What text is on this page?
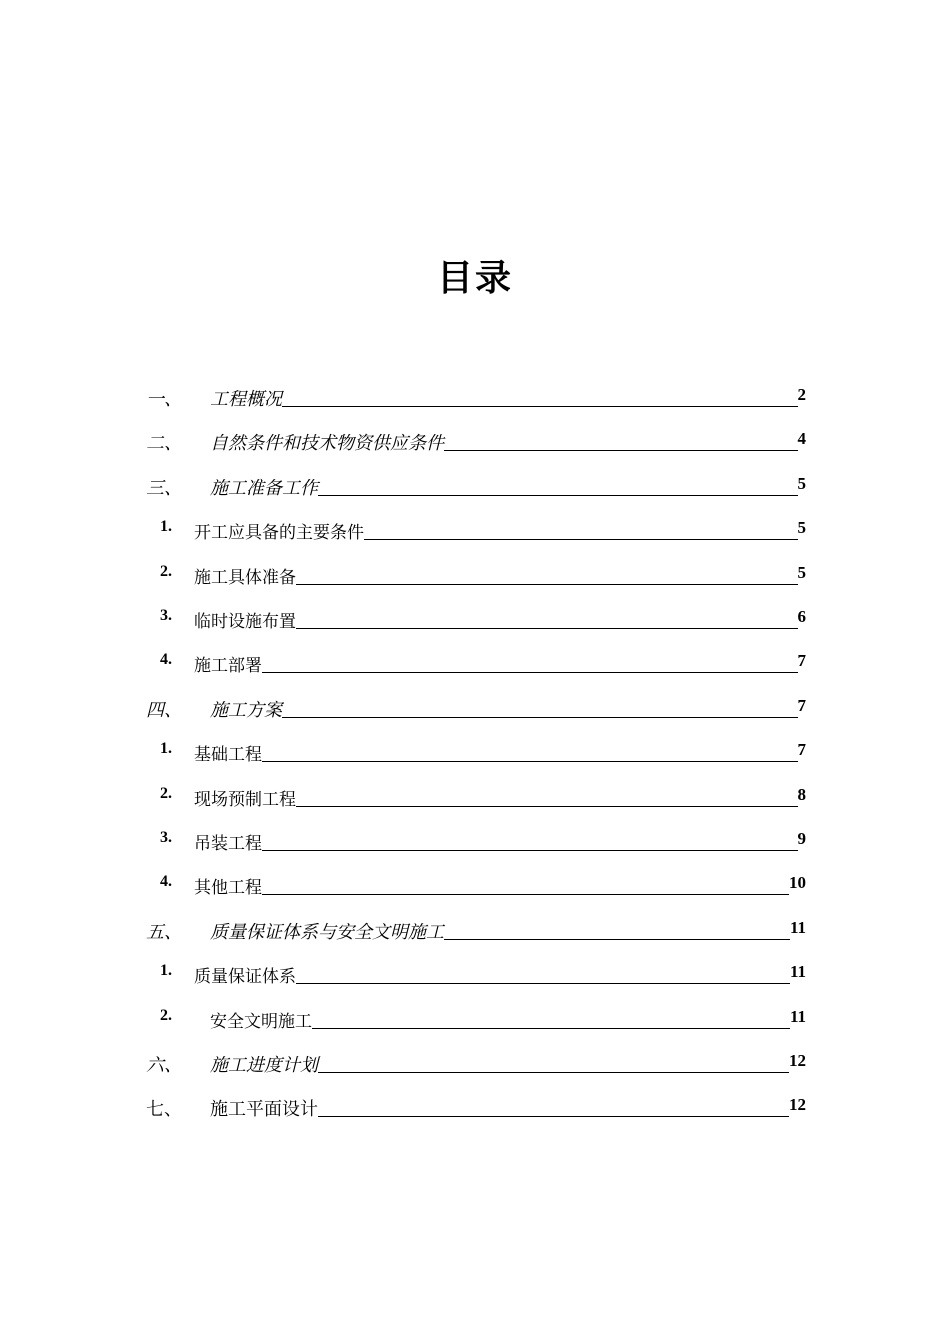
目录
一、 工程概况	2
二、 自然条件和技术物资供应条件	4
三、 施工准备工作	5
1. 开工应具备的主要条件	5
2. 施工具体准备	5
3. 临时设施布置	6
4. 施工部署	7
四、 施工方案	7
1. 基础工程	7
2. 现场预制工程	8
3. 吊装工程	9
4. 其他工程	10
五、 质量保证体系与安全文明施工	11
1. 质量保证体系	11
2. 安全文明施工	11
六、 施工进度计划	12
七、 施工平面设计	12
